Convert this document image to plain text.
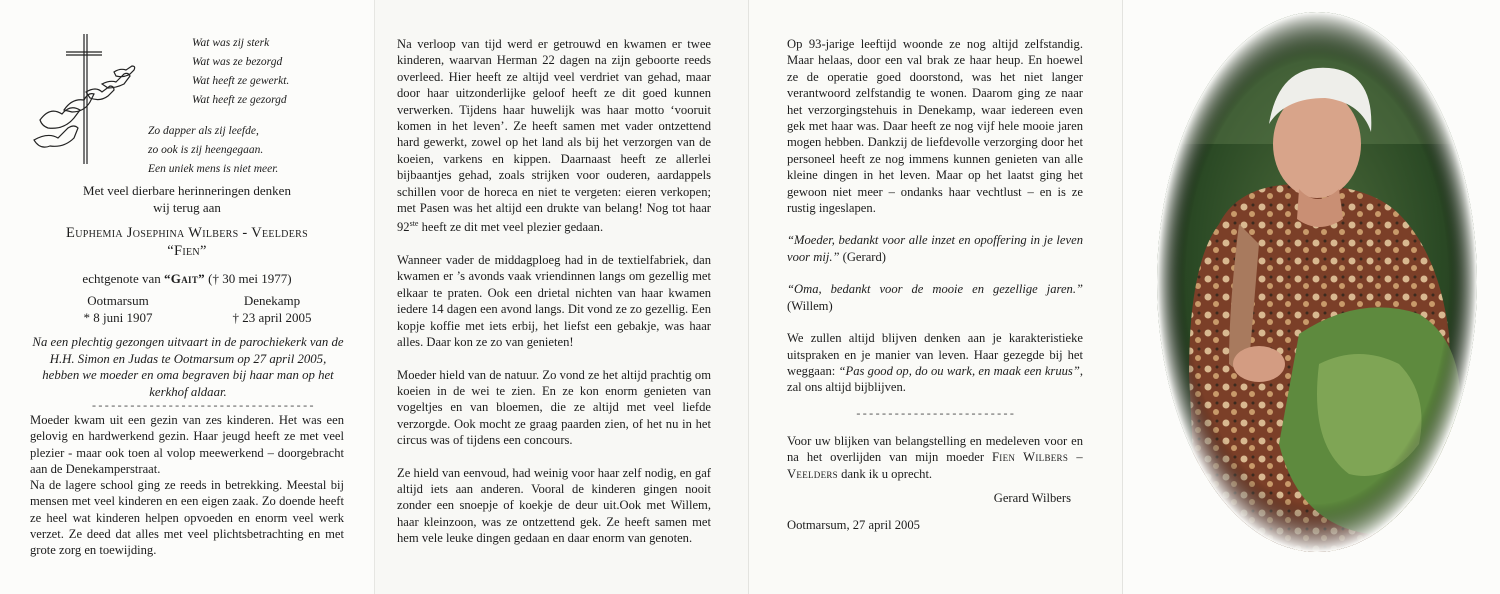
Wat was zij sterk
Wat was ze bezorgd
Wat heeft ze gewerkt.
Wat heeft ze gezorgd
Zo dapper als zij leefde,
zo ook is zij heengegaan.
Een uniek mens is niet meer.
Met veel dierbare herinneringen denken
wij terug aan
Euphemia Josephina Wilbers - Veelders
“Fien”
echtgenote van “Gait” († 30 mei 1977)
Ootmarsum
* 8 juni 1907
Denekamp
† 23 april 2005
Na een plechtig gezongen uitvaart in de parochiekerk van de H.H. Simon en Judas te Ootmarsum op 27 april 2005, hebben we moeder en oma begraven bij haar man op het kerkhof aldaar.
- - - - - - - - - - - - - - - - - - - - - - - - - - - - - - - - - - -

Moeder kwam uit een gezin van zes kinderen. Het was een gelovig en hardwerkend gezin. Haar jeugd heeft ze met veel plezier - maar ook toen al volop meewerkend – doorgebracht aan de Denekamperstraat.

Na de lagere school ging ze reeds in betrekking. Meestal bij mensen met veel kinderen en een eigen zaak. Zo doende heeft ze heel wat kinderen helpen opvoeden en enorm veel werk verzet. Ze deed dat alles met veel plichtsbetrachting en met grote zorg en toewijding.

Na verloop van tijd werd er getrouwd en kwamen er twee kinderen, waarvan Herman 22 dagen na zijn geboorte reeds overleed. Hier heeft ze altijd veel verdriet van gehad, maar door haar uitzonderlijke geloof heeft ze dit goed kunnen verwerken. Tijdens haar huwelijk was haar motto ‘vooruit komen in het leven’. Ze heeft samen met vader ontzettend hard gewerkt, zowel op het land als bij het verzorgen van de koeien, varkens en kippen. Daarnaast heeft ze allerlei bijbaantjes gehad, zoals strijken voor ouderen, aardappels schillen voor de horeca en niet te vergeten: eieren verkopen; met Pasen was het altijd een drukte van belang! Nog tot haar 92ste heeft ze dit met veel plezier gedaan.

Wanneer vader de middagploeg had in de textielfabriek, dan kwamen er ’s avonds vaak vriendinnen langs om gezellig met elkaar te praten. Ook een drietal nichten van haar kwamen iedere 14 dagen een avond langs. Dit vond ze zo gezellig. Een kopje koffie met iets erbij, het liefst een gebakje, was haar alles. Daar kon ze zo van genieten!

Moeder hield van de natuur. Zo vond ze het altijd prachtig om koeien in de wei te zien. En ze kon enorm genieten van vogeltjes en van bloemen, die ze altijd met veel liefde verzorgde. Ook mocht ze graag paarden zien, of het nu in het circus was of tijdens een concours.

Ze hield van eenvoud, had weinig voor haar zelf nodig, en gaf altijd iets aan anderen. Vooral de kinderen gingen nooit zonder een snoepje of koekje de deur uit.Ook met Willem, haar kleinzoon, was ze ontzettend gek. Ze heeft samen met hem vele leuke dingen gedaan en daar enorm van genoten.

Op 93-jarige leeftijd woonde ze nog altijd zelfstandig. Maar helaas, door een val brak ze haar heup. En hoewel ze de operatie goed doorstond, was het niet langer verantwoord zelfstandig te wonen. Daarom ging ze naar het verzorgingstehuis in Denekamp, waar iedereen even gek met haar was. Daar heeft ze nog vijf hele mooie jaren mogen hebben. Dankzij de liefdevolle verzorging door het personeel heeft ze nog immens kunnen genieten van alle kleine dingen in het leven. Maar op het laatst ging het gewoon niet meer – ondanks haar vechtlust – en is ze rustig ingeslapen.

“Moeder, bedankt voor alle inzet en opoffering in je leven voor mij.” (Gerard)

“Oma, bedankt voor de mooie en gezellige jaren.” (Willem)

We zullen altijd blijven denken aan je karakteristieke uitspraken en je manier van leven. Haar gezegde bij het weggaan: “Pas good op, do ou wark, en maak een kruus”, zal ons altijd bijblijven.

- - - - - - - - - - - - - - - - - - - - - - - - -

Voor uw blijken van belangstelling en medeleven voor en na het overlijden van mijn moeder Fien Wilbers – Veelders dank ik u oprecht.

Gerard Wilbers
Ootmarsum, 27 april 2005
